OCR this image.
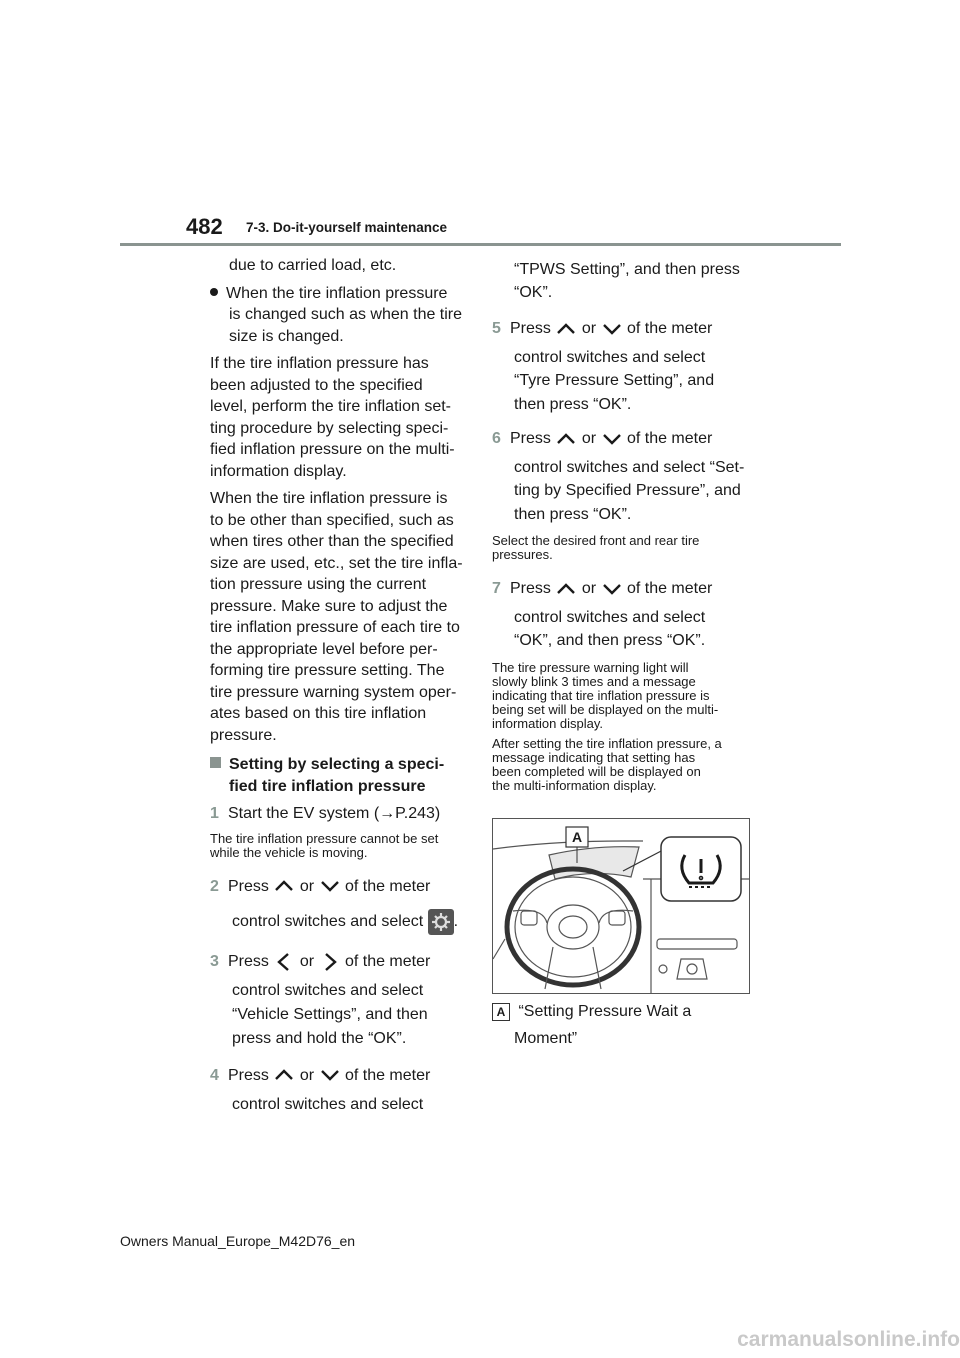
482 7-3. Do-it-yourself maintenance

due to carried load, etc.

When the tire inflation pressure

is changed such as when the tire

size is changed.

If the tire inflation pressure has

been adjusted to the specified

level, perform the tire inflation set-

ting procedure by selecting speci-

fied inflation pressure on the multi-

information display.

When the tire inflation pressure is

to be other than specified, such as

when tires other than the specified

size are used, etc., set the tire infla-

tion pressure using the current

pressure. Make sure to adjust the

tire inflation pressure of each tire to

the appropriate level before per-

forming tire pressure setting. The

tire pressure warning system oper-

ates based on this tire inflation

pressure.

Setting by selecting a speci-

fied tire inflation pressure

1 Start the EV system (→P.243)

The tire inflation pressure cannot be set

while the vehicle is moving.

2 Press or of the meter

control switches and select .

3 Press or of the meter

control switches and select

“Vehicle Settings”, and then

press and hold the “OK”.

4 Press or of the meter

control switches and select

“TPWS Setting”, and then press

“OK”.

5 Press or of the meter

control switches and select

“Tyre Pressure Setting”, and

then press “OK”.

6 Press or of the meter

control switches and select “Set-

ting by Specified Pressure”, and

then press “OK”.

Select the desired front and rear tire

pressures.

7 Press or of the meter

control switches and select

“OK”, and then press “OK”.

The tire pressure warning light will

slowly blink 3 times and a message

indicating that tire inflation pressure is

being set will be displayed on the multi-

information display.

After setting the tire inflation pressure, a

message indicating that setting has

been completed will be displayed on

the multi-information display.

A
A “Setting Pressure Wait a
Moment”
Owners Manual_Europe_M42D76_en
carmanualsonline.info
